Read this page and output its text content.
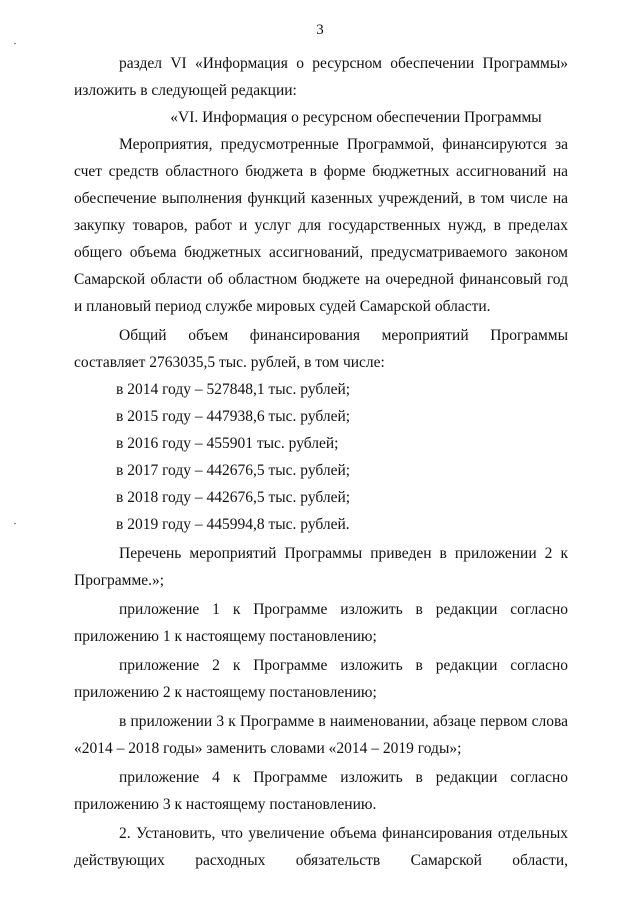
3

раздел VI «Информация о ресурсном обеспечении Программы» изложить в следующей редакции:

«VI. Информация о ресурсном обеспечении Программы

Мероприятия, предусмотренные Программой, финансируются за счет средств областного бюджета в форме бюджетных ассигнований на обеспечение выполнения функций казенных учреждений, в том числе на закупку товаров, работ и услуг для государственных нужд, в пределах общего объема бюджетных ассигнований, предусматриваемого законом Самарской области об областном бюджете на очередной финансовый год и плановый период службе мировых судей Самарской области.

Общий объем финансирования мероприятий Программы составляет 2763035,5 тыс. рублей, в том числе:

в 2014 году – 527848,1 тыс. рублей;

в 2015 году – 447938,6 тыс. рублей;

в 2016 году – 455901 тыс. рублей;

в 2017 году – 442676,5 тыс. рублей;

в 2018 году – 442676,5 тыс. рублей;

в 2019 году – 445994,8 тыс. рублей.

Перечень мероприятий Программы приведен в приложении 2 к Программе.»;

приложение 1 к Программе изложить в редакции согласно приложению 1 к настоящему постановлению;

приложение 2 к Программе изложить в редакции согласно приложению 2 к настоящему постановлению;

в приложении 3 к Программе в наименовании, абзаце первом слова «2014 – 2018 годы» заменить словами «2014 – 2019 годы»;

приложение 4 к Программе изложить в редакции согласно приложению 3 к настоящему постановлению.

2. Установить, что увеличение объема финансирования отдельных действующих расходных обязательств Самарской области,
